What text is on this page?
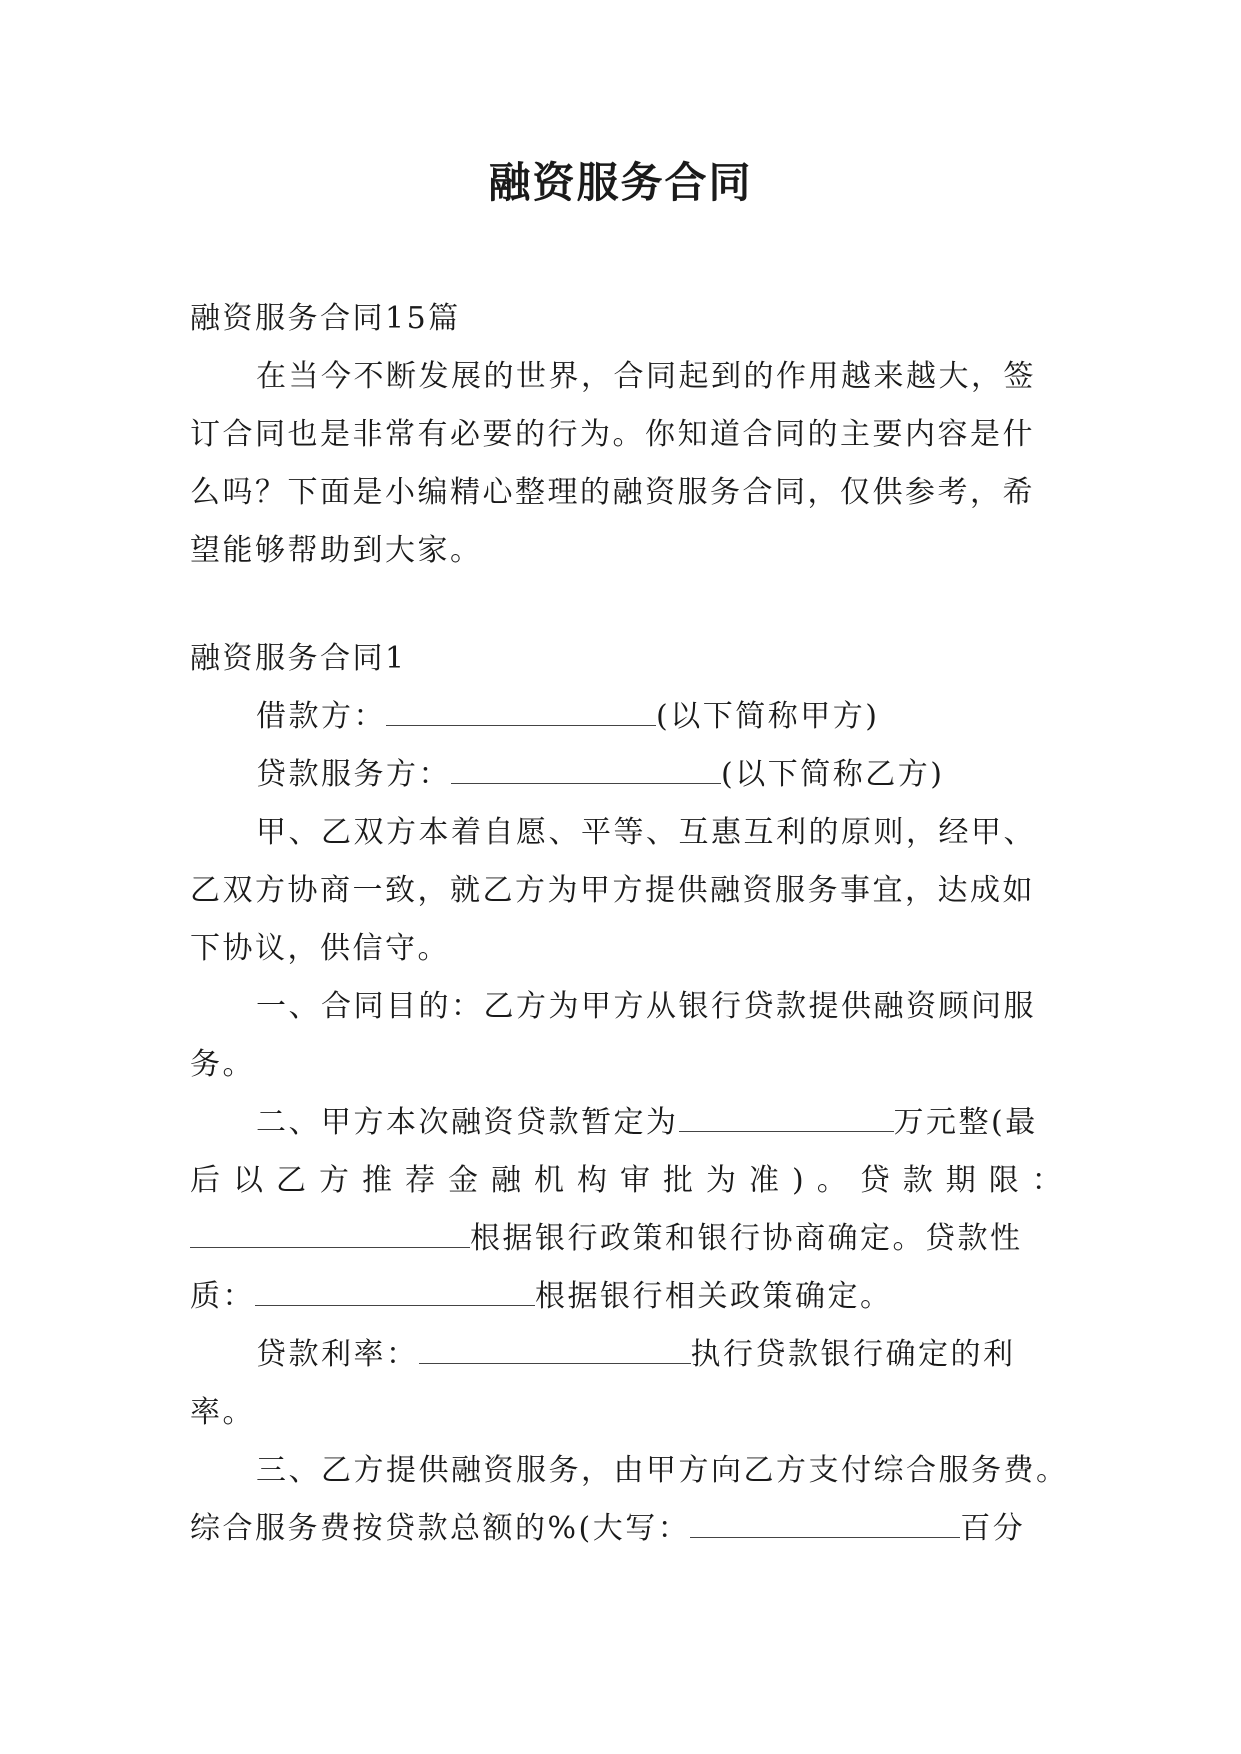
融资服务合同
融资服务合同15篇
在当今不断发展的世界，合同起到的作用越来越大，签
订合同也是非常有必要的行为。你知道合同的主要内容是什
么吗？下面是小编精心整理的融资服务合同，仅供参考，希
望能够帮助到大家。
融资服务合同1
借款方：	(以下简称甲方)
贷款服务方：	(以下简称乙方)
甲、乙双方本着自愿、平等、互惠互利的原则，经甲、
乙双方协商一致，就乙方为甲方提供融资服务事宜，达成如
下协议，供信守。
一、合同目的：乙方为甲方从银行贷款提供融资顾问服
务。
二、甲方本次融资贷款暂定为	万元整(最
后以乙方推荐金融机构审批为准)。贷款期限：
根据银行政策和银行协商确定。贷款性
质：	根据银行相关政策确定。
贷款利率：	执行贷款银行确定的利
率。
三、乙方提供融资服务，由甲方向乙方支付综合服务费。
综合服务费按贷款总额的%(大写：	百分
